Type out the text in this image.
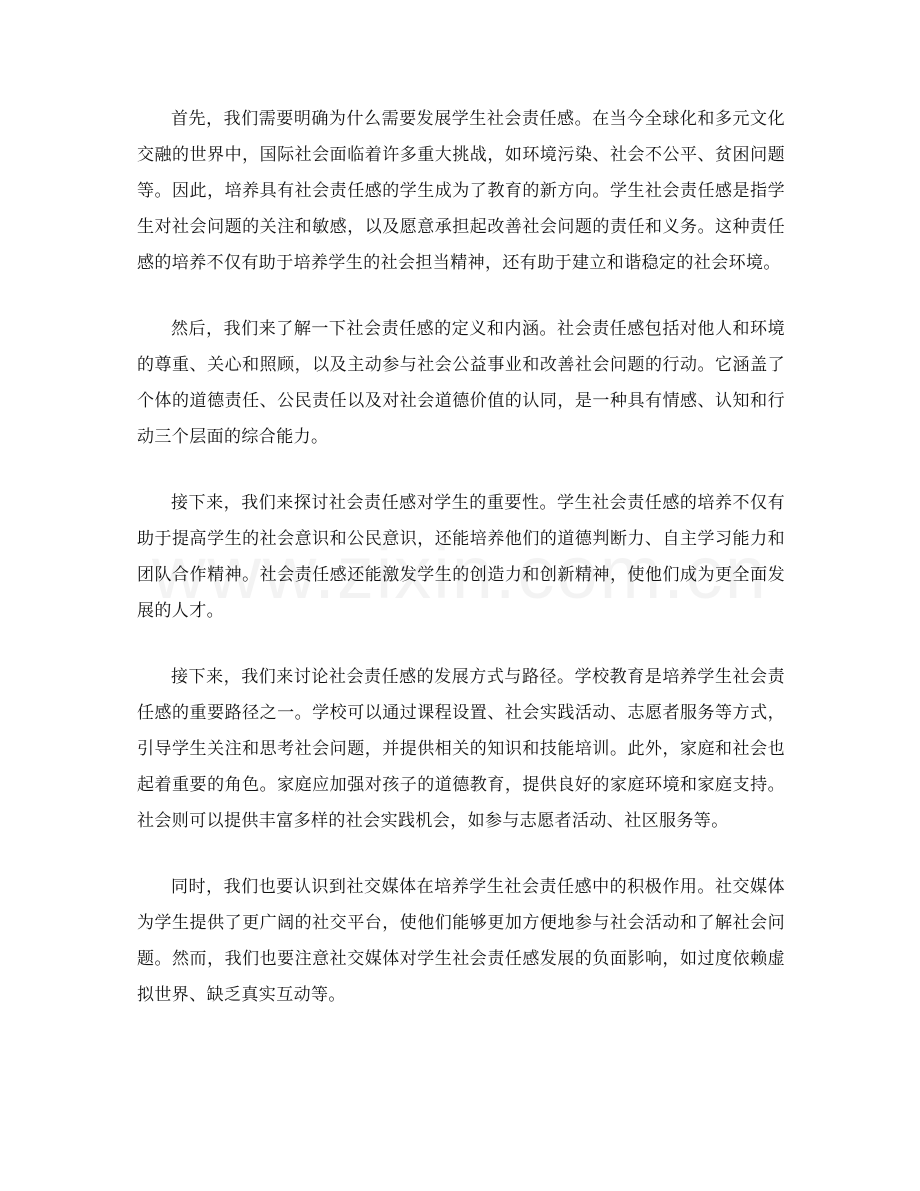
首先，我们需要明确为什么需要发展学生社会责任感。在当今全球化和多元文化交融的世界中，国际社会面临着许多重大挑战，如环境污染、社会不公平、贫困问题等。因此，培养具有社会责任感的学生成为了教育的新方向。学生社会责任感是指学生对社会问题的关注和敏感，以及愿意承担起改善社会问题的责任和义务。这种责任感的培养不仅有助于培养学生的社会担当精神，还有助于建立和谐稳定的社会环境。

然后，我们来了解一下社会责任感的定义和内涵。社会责任感包括对他人和环境的尊重、关心和照顾，以及主动参与社会公益事业和改善社会问题的行动。它涵盖了个体的道德责任、公民责任以及对社会道德价值的认同，是一种具有情感、认知和行动三个层面的综合能力。

接下来，我们来探讨社会责任感对学生的重要性。学生社会责任感的培养不仅有助于提高学生的社会意识和公民意识，还能培养他们的道德判断力、自主学习能力和团队合作精神。社会责任感还能激发学生的创造力和创新精神，使他们成为更全面发展的人才。

接下来，我们来讨论社会责任感的发展方式与路径。学校教育是培养学生社会责任感的重要路径之一。学校可以通过课程设置、社会实践活动、志愿者服务等方式，引导学生关注和思考社会问题，并提供相关的知识和技能培训。此外，家庭和社会也起着重要的角色。家庭应加强对孩子的道德教育，提供良好的家庭环境和家庭支持。社会则可以提供丰富多样的社会实践机会，如参与志愿者活动、社区服务等。

同时，我们也要认识到社交媒体在培养学生社会责任感中的积极作用。社交媒体为学生提供了更广阔的社交平台，使他们能够更加方便地参与社会活动和了解社会问题。然而，我们也要注意社交媒体对学生社会责任感发展的负面影响，如过度依赖虚拟世界、缺乏真实互动等。
